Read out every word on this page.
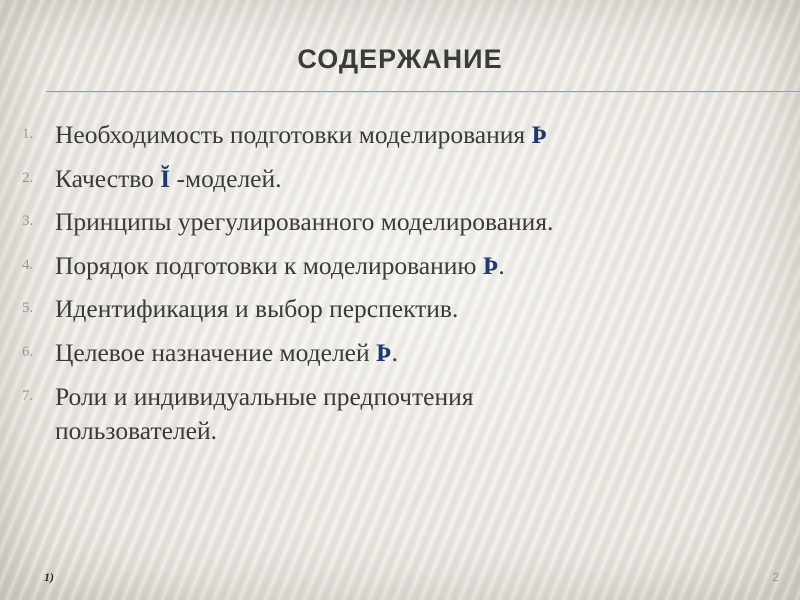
СОДЕРЖАНИЕ
1. Необходимость подготовки моделирования Þ
2. Качество Ĭ -моделей.
3. Принципы урегулированного моделирования.
4. Порядок подготовки к моделированию Þ.
5. Идентификация и выбор перспектив.
6. Целевое назначение моделей Þ.
7. Роли и индивидуальные предпочтения пользователей.
1)	2
